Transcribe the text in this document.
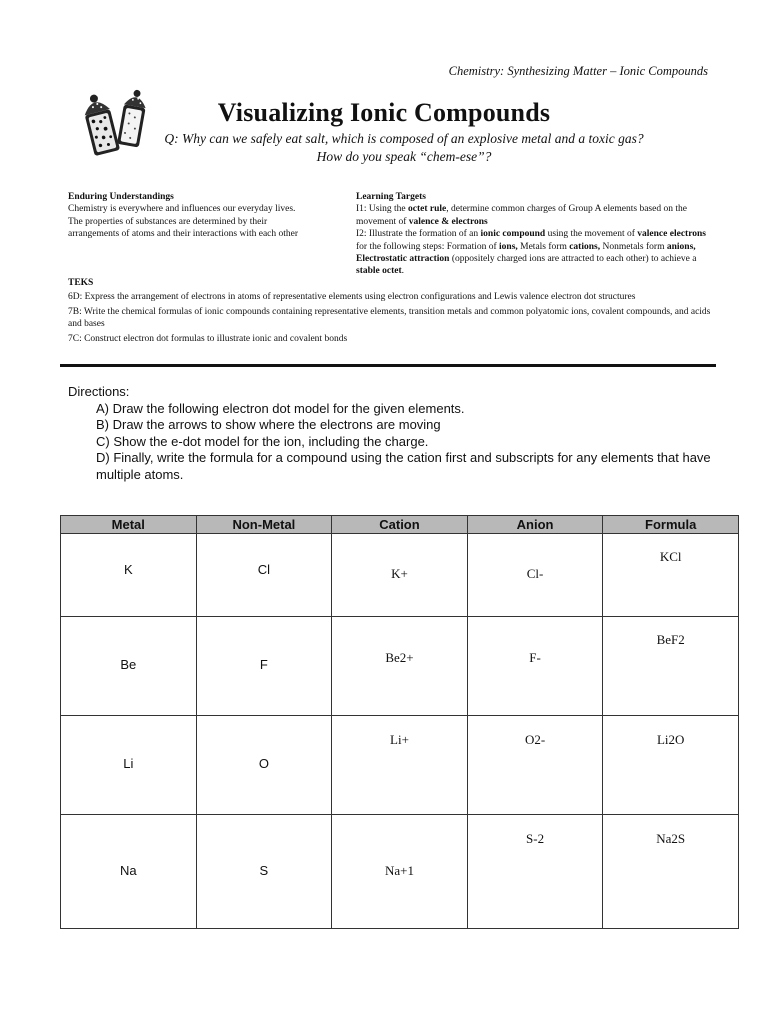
Chemistry: Synthesizing Matter – Ionic Compounds
Visualizing Ionic Compounds
Q: Why can we safely eat salt, which is composed of an explosive metal and a toxic gas?
How do you speak “chem-ese”?
Enduring Understandings
Chemistry is everywhere and influences our everyday lives.
The properties of substances are determined by their
arrangements of atoms and their interactions with each other
Learning Targets
I1: Using the octet rule, determine common charges of Group A elements based on the movement of valence & electrons
I2: Illustrate the formation of an ionic compound using the movement of valence electrons for the following steps: Formation of ions, Metals form cations, Nonmetals form anions, Electrostatic attraction (oppositely charged ions are attracted to each other) to achieve a stable octet.
TEKS
6D: Express the arrangement of electrons in atoms of representative elements using electron configurations and Lewis valence electron dot structures
7B: Write the chemical formulas of ionic compounds containing representative elements, transition metals and common polyatomic ions, covalent compounds, and acids and bases
7C: Construct electron dot formulas to illustrate ionic and covalent bonds
Directions:
A) Draw the following electron dot model for the given elements.
B) Draw the arrows to show where the electrons are moving
C) Show the e-dot model for the ion, including the charge.
D) Finally, write the formula for a compound using the cation first and subscripts for any elements that have multiple atoms.
Metal	Non-Metal	Cation	Anion	Formula

K	Cl	K+	Cl-	KCl

Be	F	Be2+	F-	BeF2

Li	O	Li+	O2-	Li2O

Na	S	Na+1	S-2	Na2S
